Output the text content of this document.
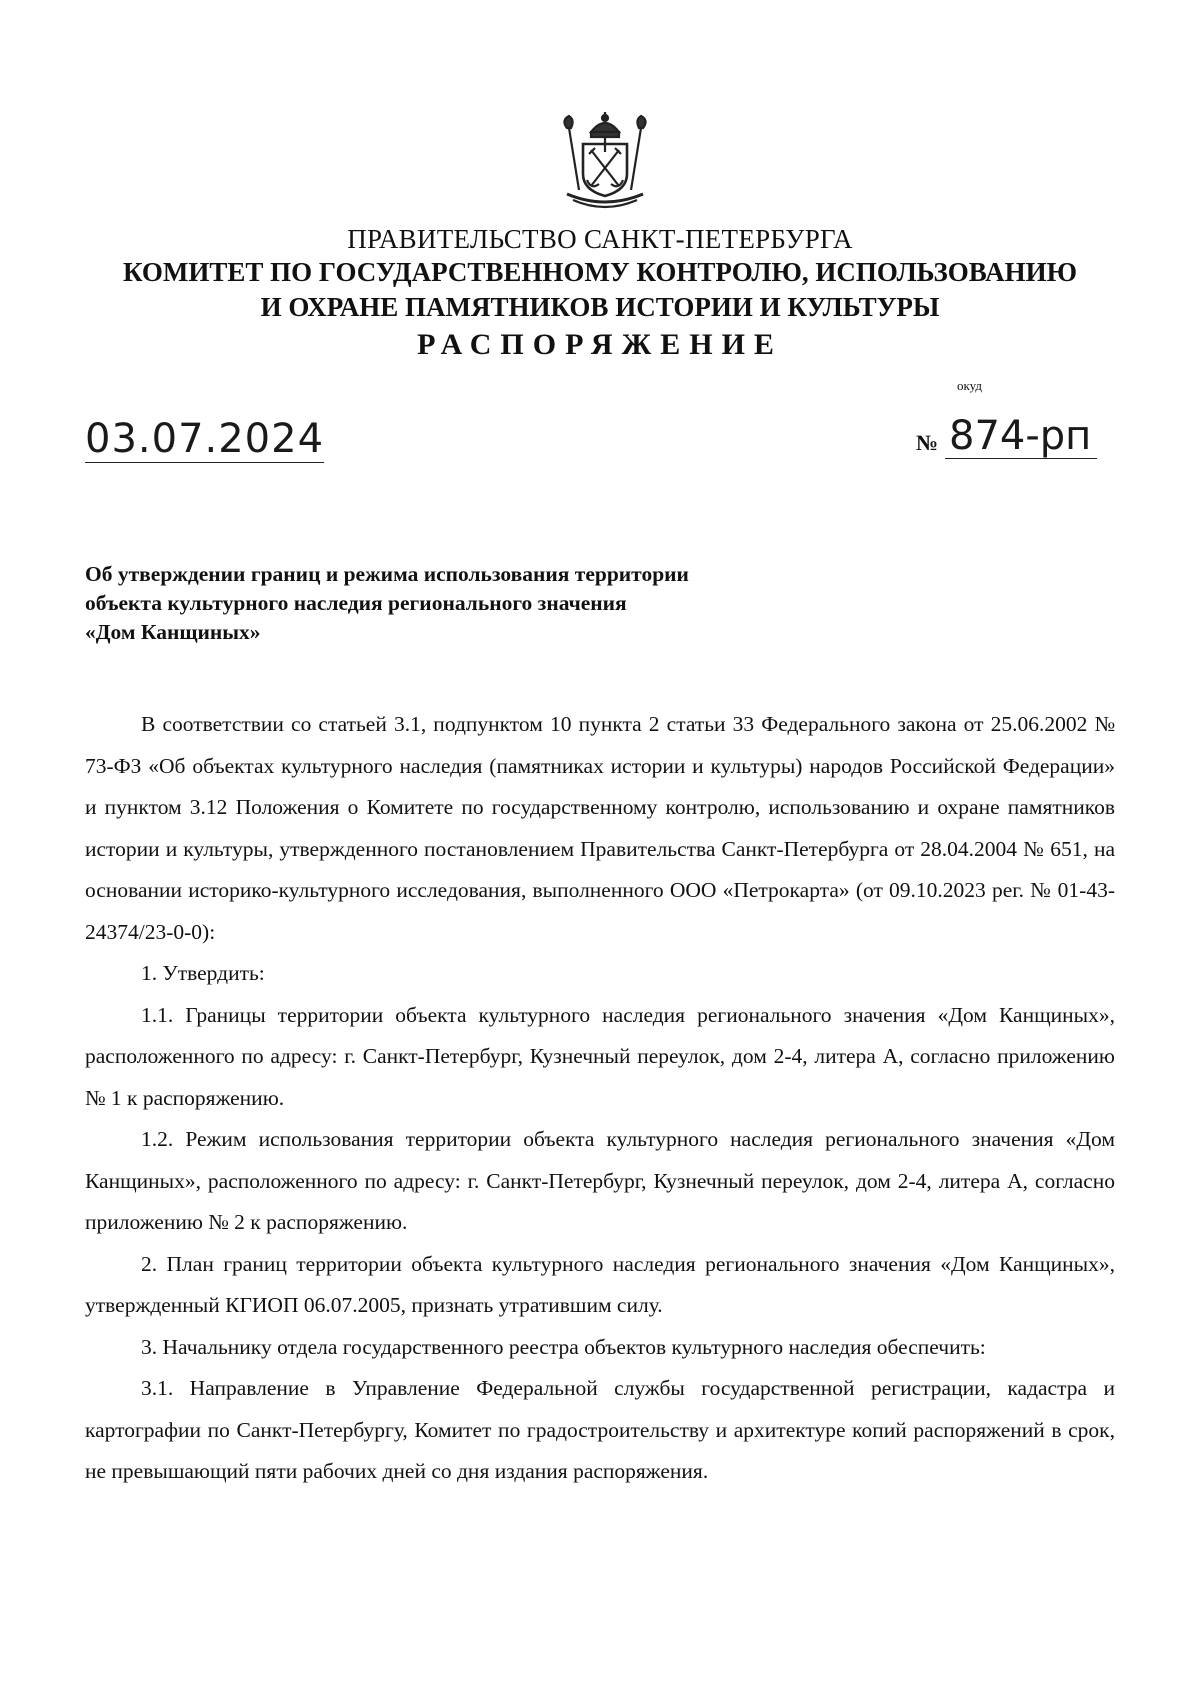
ПРАВИТЕЛЬСТВО САНКТ-ПЕТЕРБУРГА
КОМИТЕТ ПО ГОСУДАРСТВЕННОМУ КОНТРОЛЮ, ИСПОЛЬЗОВАНИЮ
И ОХРАНЕ ПАМЯТНИКОВ ИСТОРИИ И КУЛЬТУРЫ
РАСПОРЯЖЕНИЕ
окуд
03.07.2024	№ 874-рп
Об утверждении границ и режима использования территории
объекта культурного наследия регионального значения
«Дом Канщиных»

В соответствии со статьей 3.1, подпунктом 10 пункта 2 статьи 33 Федерального закона от 25.06.2002 № 73-ФЗ «Об объектах культурного наследия (памятниках истории и культуры) народов Российской Федерации» и пунктом 3.12 Положения о Комитете по государственному контролю, использованию и охране памятников истории и культуры, утвержденного постановлением Правительства Санкт-Петербурга от 28.04.2004 № 651, на основании историко-культурного исследования, выполненного ООО «Петрокарта» (от 09.10.2023 рег. № 01-43-24374/23-0-0):

1. Утвердить:

1.1. Границы территории объекта культурного наследия регионального значения «Дом Канщиных», расположенного по адресу: г. Санкт-Петербург, Кузнечный переулок, дом 2-4, литера А, согласно приложению № 1 к распоряжению.

1.2. Режим использования территории объекта культурного наследия регионального значения «Дом Канщиных», расположенного по адресу: г. Санкт-Петербург, Кузнечный переулок, дом 2-4, литера А, согласно приложению № 2 к распоряжению.

2. План границ территории объекта культурного наследия регионального значения «Дом Канщиных», утвержденный КГИОП 06.07.2005, признать утратившим силу.

3. Начальнику отдела государственного реестра объектов культурного наследия обеспечить:

3.1. Направление в Управление Федеральной службы государственной регистрации, кадастра и картографии по Санкт-Петербургу, Комитет по градостроительству и архитектуре копий распоряжений в срок, не превышающий пяти рабочих дней со дня издания распоряжения.
